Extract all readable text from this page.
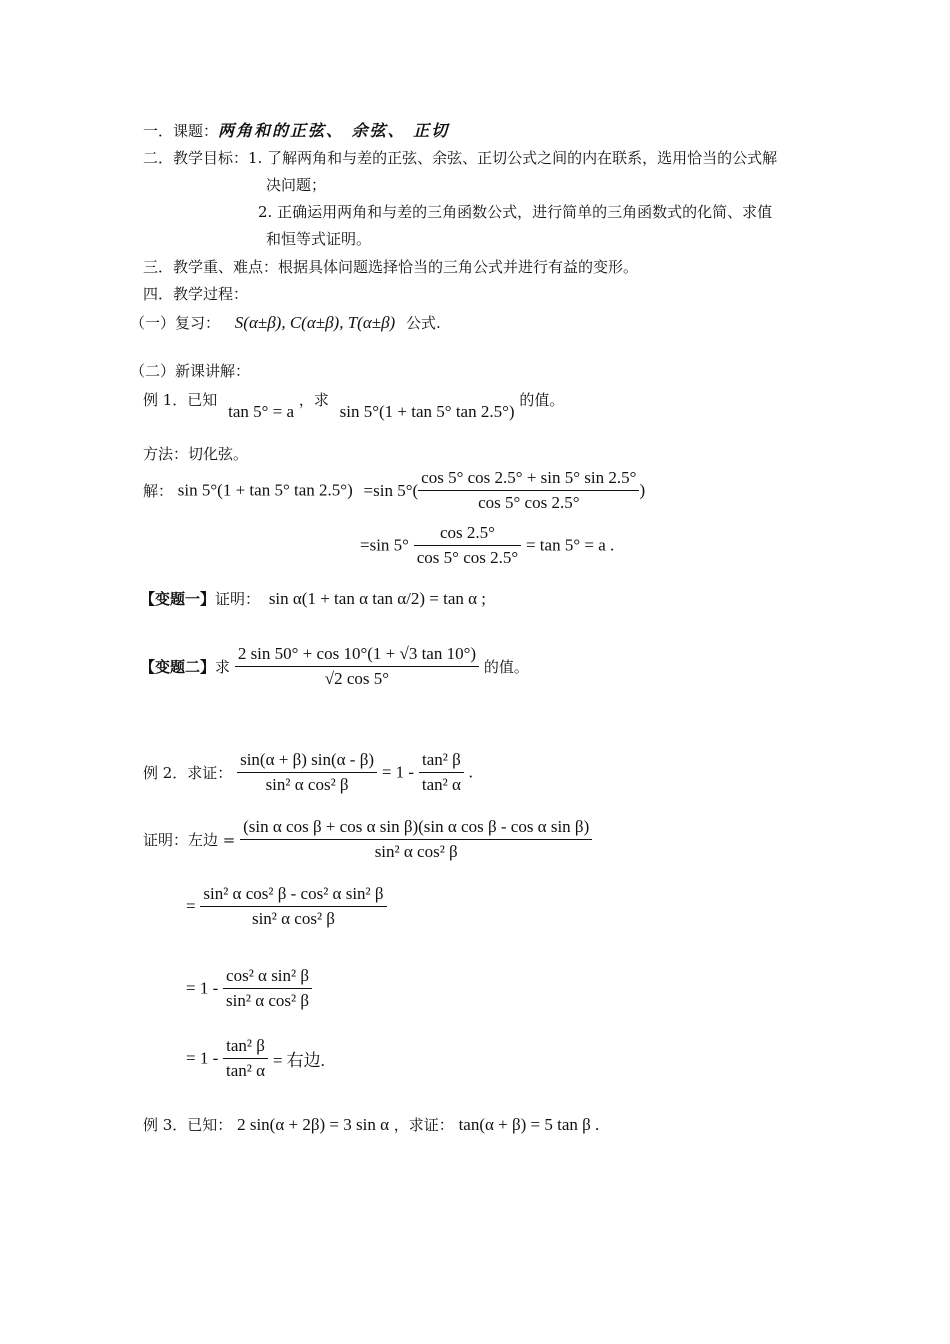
一．课题：两角和的正弦、 余弦、 正切
二．教学目标：1. 了解两角和与差的正弦、余弦、正切公式之间的内在联系，选用恰当的公式解
决问题；
2. 正确运用两角和与差的三角函数公式，进行简单的三角函数式的化简、求值
和恒等式证明。
三．教学重、难点：根据具体问题选择恰当的三角公式并进行有益的变形。
四．教学过程：
（一）复习： S(α±β), C(α±β), T(α±β) 公式.
（二）新课讲解：
例 1．已知 tan 5° = a ，求 sin 5°(1 + tan 5° tan 2.5°) 的值。
方法：切化弦。
解： sin 5°(1 + tan 5° tan 2.5°) =sin $5^\circ( \frac{\cos 5^\circ \cos 2.5^\circ + \sin 5^\circ \sin 2.5^\circ}{\cos 5^\circ \cos 2.5^\circ}$ )
=sin $5^\circ \frac{\cos 2.5^\circ}{\cos 5^\circ \cos 2.5^\circ} = \tan 5^\circ = a$ .
【变题一】证明： sin α(1 + tan α tan α/2) = tan α ;
【变题二】求 $\frac{2 \sin 50^\circ + \cos 10^\circ(1 + √3 \tan 10^\circ)}{√2 \cos 5^\circ}$ 的值。
例 2．求证： $\frac{\sin(\alpha + \beta) \sin(\alpha - \beta)}{\text{sin² α cos² β}} = 1 - \frac{\text{tan² β}}{\text{tan² α}}$ .
证明：左边 = $\frac{\text{(sin α cos β + cos α sin β)(sin α cos β - cos α sin β)}}{\text{sin² α cos² β}}$
= $\frac{\text{sin² α cos² β - cos² α sin² β}}{\text{sin² α cos² β}}$
= $1 - \frac{\text{cos² α sin² β}}{\text{sin² α cos² β}}$
= $1 - \frac{\text{tan² β}}{\text{tan² α}}$ = 右边.
例 3．已知： 2 sin(α + 2β) = 3 sin α ，求证： tan(α + β) = 5 tan β .
